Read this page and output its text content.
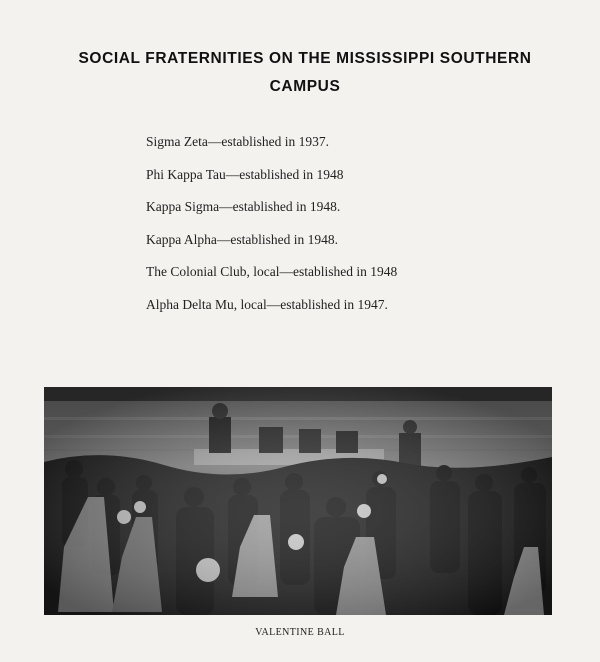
SOCIAL FRATERNITIES ON THE MISSISSIPPI SOUTHERN
CAMPUS
Sigma Zeta—established in 1937.
Phi Kappa Tau—established in 1948
Kappa Sigma—established in 1948.
Kappa Alpha—established in 1948.
The Colonial Club, local—established in 1948
Alpha Delta Mu, local—established in 1947.

VALENTINE BALL
